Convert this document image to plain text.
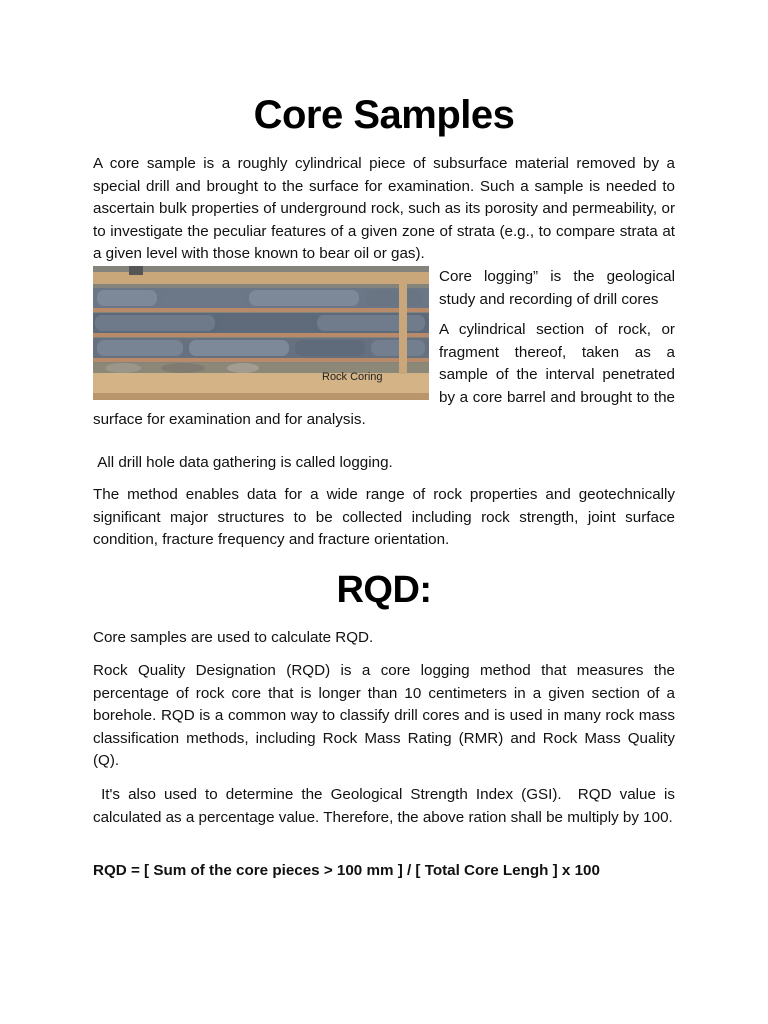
Core Samples

A core sample is a roughly cylindrical piece of subsurface material removed by a special drill and brought to the surface for examination. Such a sample is needed to ascertain bulk properties of underground rock, such as its porosity and permeability, or to investigate the peculiar features of a given zone of strata (e.g., to compare strata at a given level with those known to bear oil or gas).

Rock Coring

Core logging” is the geological study and recording of drill cores

A cylindrical section of rock, or fragment thereof, taken as a sample of the interval penetrated by a core barrel and brought to the surface for examination and for analysis.

All drill hole data gathering is called logging.

The method enables data for a wide range of rock properties and geotechnically significant major structures to be collected including rock strength, joint surface condition, fracture frequency and fracture orientation.

RQD:

Core samples are used to calculate RQD.

Rock Quality Designation (RQD) is a core logging method that measures the percentage of rock core that is longer than 10 centimeters in a given section of a borehole. RQD is a common way to classify drill cores and is used in many rock mass classification methods, including Rock Mass Rating (RMR) and Rock Mass Quality (Q).

It's also used to determine the Geological Strength Index (GSI).  RQD value is calculated as a percentage value. Therefore, the above ration shall be multiply by 100.

RQD = [ Sum of the core pieces > 100 mm ] / [ Total Core Lengh ] x 100
